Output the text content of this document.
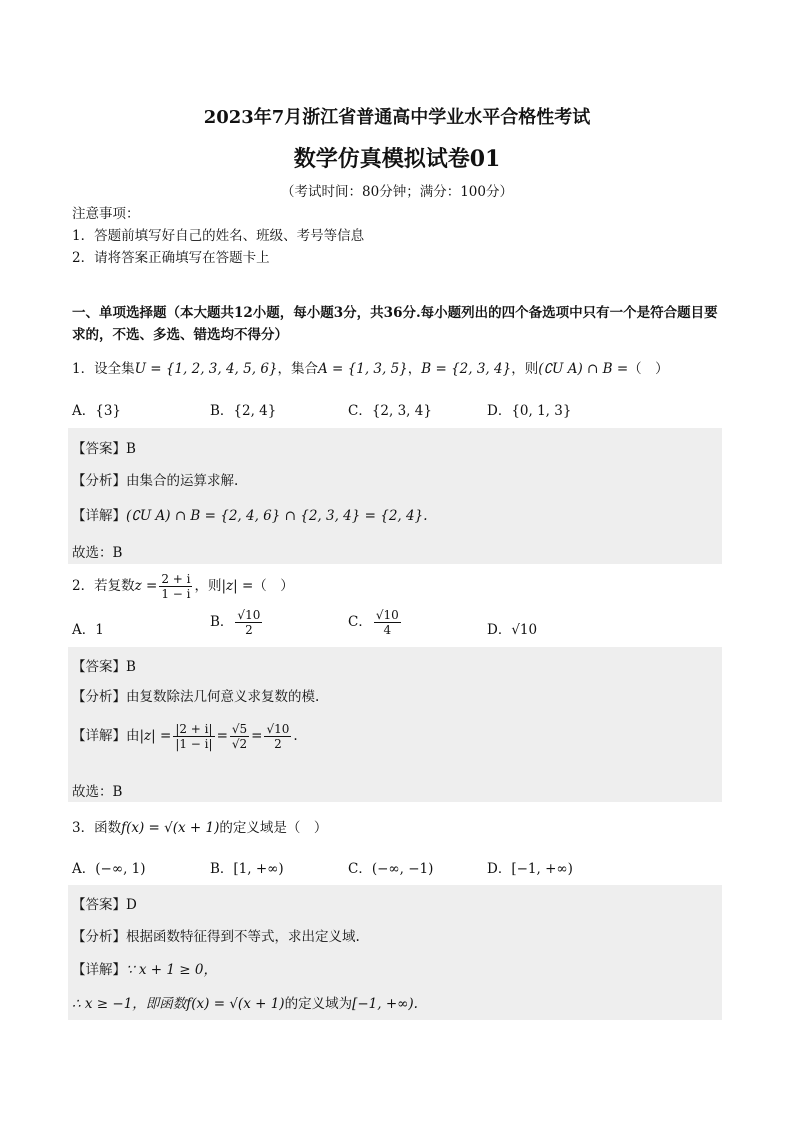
2023年7月浙江省普通高中学业水平合格性考试
数学仿真模拟试卷01
（考试时间：80分钟；满分：100分）
注意事项：
1．答题前填写好自己的姓名、班级、考号等信息
2．请将答案正确填写在答题卡上
一、单项选择题（本大题共12小题，每小题3分，共36分.每小题列出的四个备选项中只有一个是符合题目要求的，不选、多选、错选均不得分）
1．设全集U = {1, 2, 3, 4, 5, 6}，集合A = {1, 3, 5}，B = {2, 3, 4}，则(∁U A) ∩ B =（　）
A．{3}	B．{2, 4}	C．{2, 3, 4}	D．{0, 1, 3}
【答案】B
【分析】由集合的运算求解.
【详解】(∁U A) ∩ B = {2, 4, 6} ∩ {2, 3, 4} = {2, 4}.
故选：B
2．若复数$z = \frac{2 + i}{1 - i}$ ，则|z| =（　）
A．1	B． $\frac{√10}{2}$	C． $\frac{√10}{4}$	D．√10
【答案】B
【分析】由复数除法几何意义求复数的模.
【详解】由$|z| = \frac{|2 + i|}{|1 - i|} = \frac{√5}{√2} = \frac{√10}{2}$ .
故选：B
3．函数f(x) = √(x + 1)的定义域是（　）
A．(−∞, 1)	B．[1, +∞)	C．(−∞, −1)	D．[−1, +∞)
【答案】D
【分析】根据函数特征得到不等式，求出定义域.
【详解】∵ x + 1 ≥ 0，
∴ x ≥ −1，即函数f(x) = √(x + 1)的定义域为[−1, +∞).
